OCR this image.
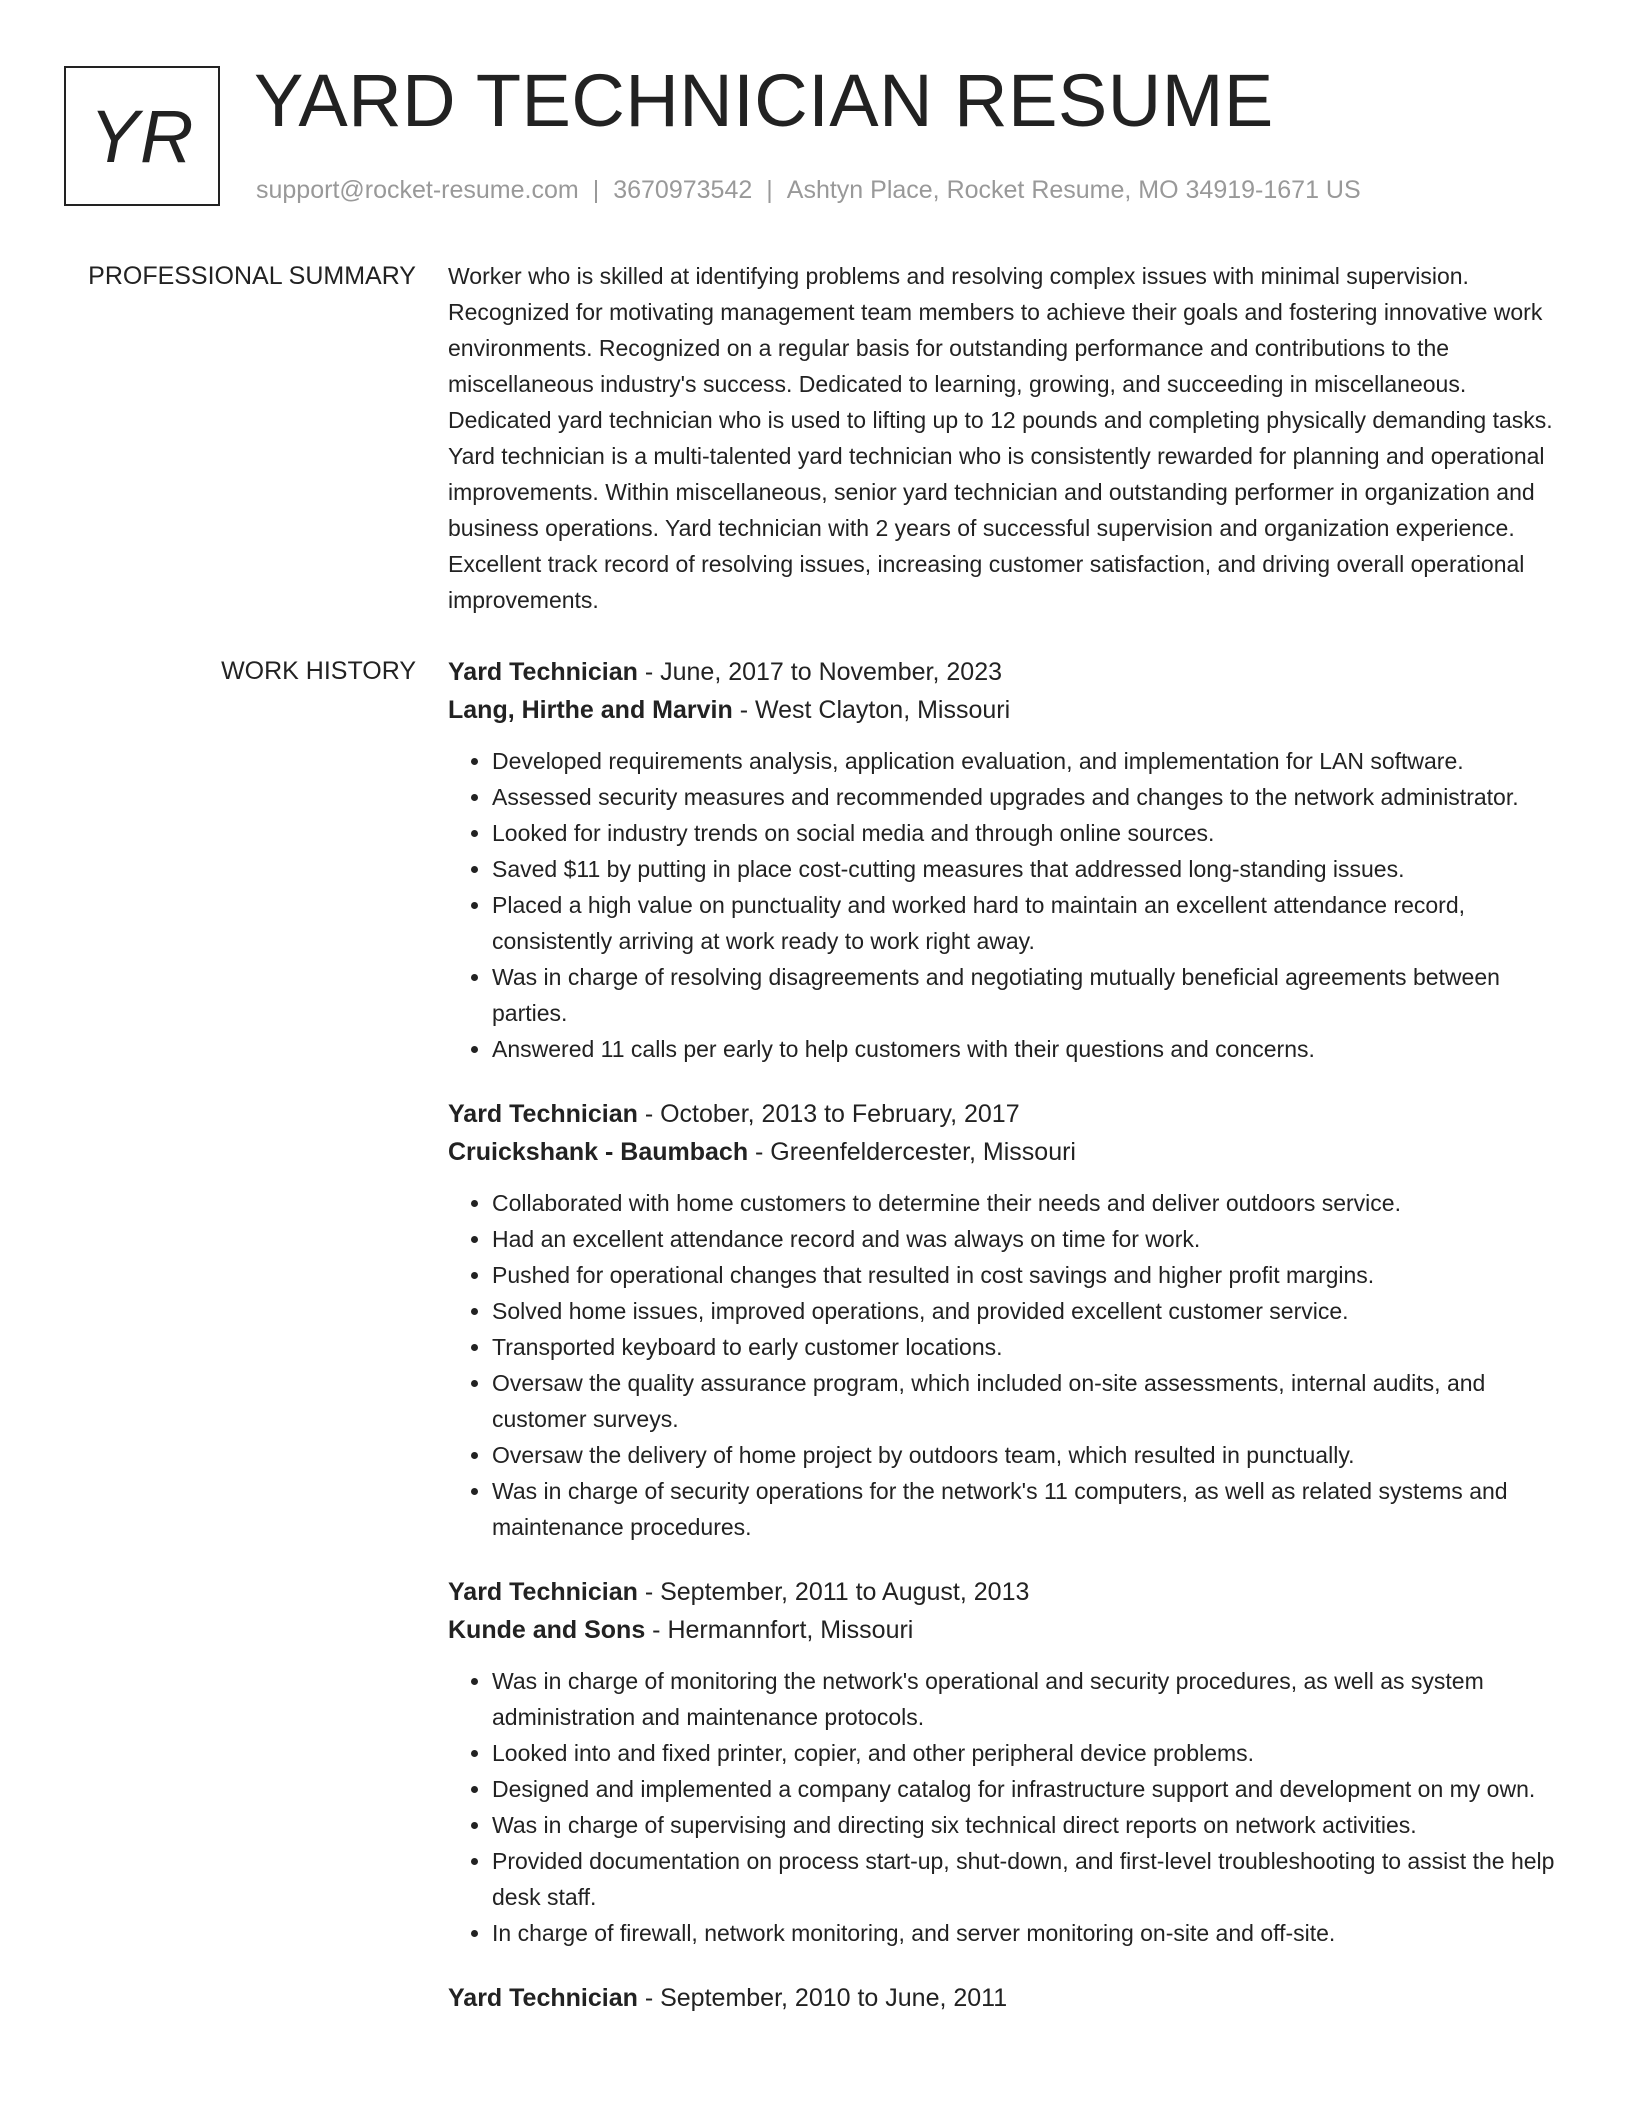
YR YARD TECHNICIAN RESUME
support@rocket-resume.com | 3670973542 | Ashtyn Place, Rocket Resume, MO 34919-1671 US
PROFESSIONAL SUMMARY Worker who is skilled at identifying problems and resolving complex issues with minimal supervision. Recognized for motivating management team members to achieve their goals and fostering innovative work environments. Recognized on a regular basis for outstanding performance and contributions to the miscellaneous industry's success. Dedicated to learning, growing, and succeeding in miscellaneous. Dedicated yard technician who is used to lifting up to 12 pounds and completing physically demanding tasks. Yard technician is a multi-talented yard technician who is consistently rewarded for planning and operational improvements. Within miscellaneous, senior yard technician and outstanding performer in organization and business operations. Yard technician with 2 years of successful supervision and organization experience. Excellent track record of resolving issues, increasing customer satisfaction, and driving overall operational improvements.

WORK HISTORY Yard Technician - June, 2017 to November, 2023
Lang, Hirthe and Marvin - West Clayton, Missouri
• Developed requirements analysis, application evaluation, and implementation for LAN software.
• Assessed security measures and recommended upgrades and changes to the network administrator.
• Looked for industry trends on social media and through online sources.
• Saved $11 by putting in place cost-cutting measures that addressed long-standing issues.
• Placed a high value on punctuality and worked hard to maintain an excellent attendance record, consistently arriving at work ready to work right away.
• Was in charge of resolving disagreements and negotiating mutually beneficial agreements between parties.
• Answered 11 calls per early to help customers with their questions and concerns.
Yard Technician - October, 2013 to February, 2017
Cruickshank - Baumbach - Greenfeldercester, Missouri
• Collaborated with home customers to determine their needs and deliver outdoors service.
• Had an excellent attendance record and was always on time for work.
• Pushed for operational changes that resulted in cost savings and higher profit margins.
• Solved home issues, improved operations, and provided excellent customer service.
• Transported keyboard to early customer locations.
• Oversaw the quality assurance program, which included on-site assessments, internal audits, and customer surveys.
• Oversaw the delivery of home project by outdoors team, which resulted in punctually.
• Was in charge of security operations for the network's 11 computers, as well as related systems and maintenance procedures.
Yard Technician - September, 2011 to August, 2013
Kunde and Sons - Hermannfort, Missouri
• Was in charge of monitoring the network's operational and security procedures, as well as system administration and maintenance protocols.
• Looked into and fixed printer, copier, and other peripheral device problems.
• Designed and implemented a company catalog for infrastructure support and development on my own.
• Was in charge of supervising and directing six technical direct reports on network activities.
• Provided documentation on process start-up, shut-down, and first-level troubleshooting to assist the help desk staff.
• In charge of firewall, network monitoring, and server monitoring on-site and off-site.
Yard Technician - September, 2010 to June, 2011
